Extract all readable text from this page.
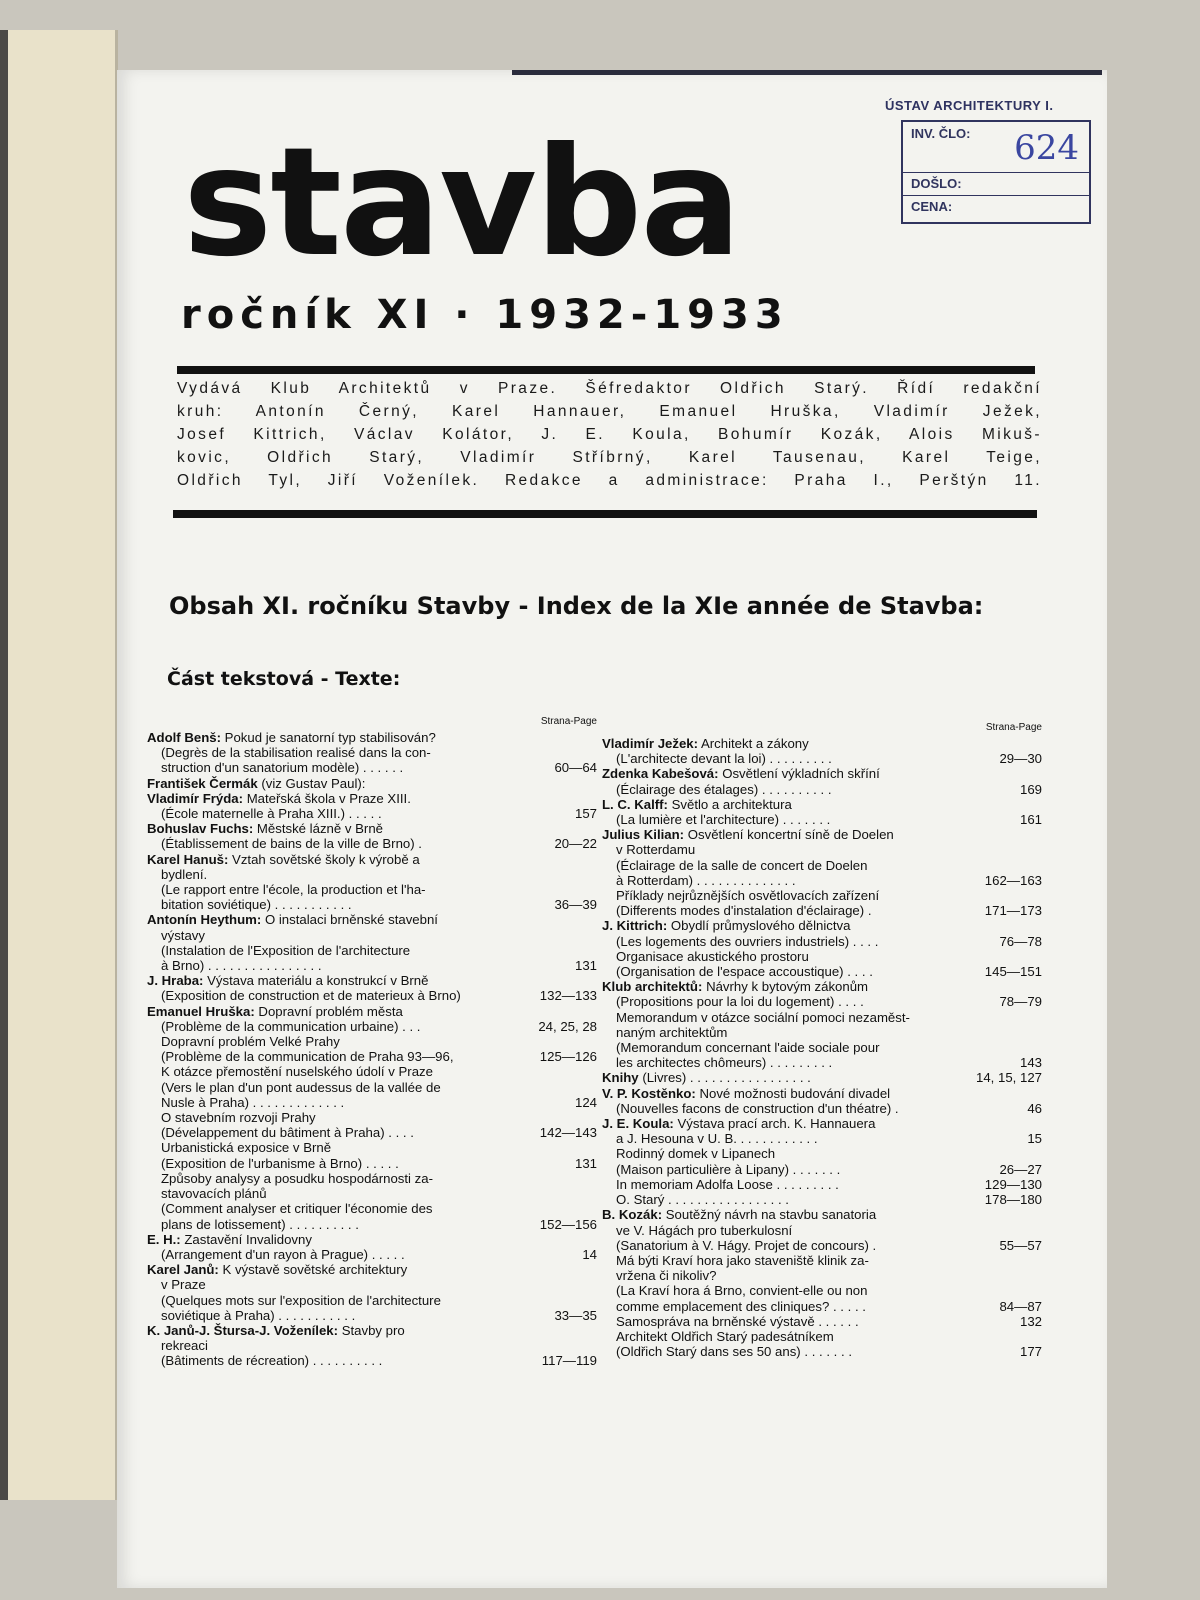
ÚSTAV ARCHITEKTURY I.
INV. ČLO: 624
DOŠLO:
CENA:
stavba
ročník XI · 1932-1933
Vydává Klub Architektů v Praze. Šéfredaktor Oldřich Starý. Řídí redakční
kruh: Antonín Černý, Karel Hannauer, Emanuel Hruška, Vladimír Ježek,
Josef Kittrich, Václav Kolátor, J. E. Koula, Bohumír Kozák, Alois Mikuš-
kovic, Oldřich Starý, Vladimír Stříbrný, Karel Tausenau, Karel Teige,
Oldřich Tyl, Jiří Voženílek. Redakce a administrace: Praha I., Perštýn 11.
Obsah XI. ročníku Stavby - Index de la XIe année de Stavba:
Část tekstová - Texte:
Strana-Page
Adolf Benš: Pokud je sanatorní typ stabilisován?
(Degrès de la stabilisation realisé dans la con-
struction d'un sanatorium modèle) . . . . . .	60—64
František Čermák (viz Gustav Paul):
Vladimír Frýda: Mateřská škola v Praze XIII.
(École maternelle à Praha XIII.) . . . . .	157
Bohuslav Fuchs: Městské lázně v Brně
(Établissement de bains de la ville de Brno) .	20—22
Karel Hanuš: Vztah sovětské školy k výrobě a
bydlení.
(Le rapport entre l'école, la production et l'ha-
bitation soviétique) . . . . . . . . . . .	36—39
Antonín Heythum: O instalaci brněnské stavební
výstavy
(Instalation de l'Exposition de l'architecture
à Brno) . . . . . . . . . . . . . . . .	131
J. Hraba: Výstava materiálu a konstrukcí v Brně
(Exposition de construction et de materieux à Brno)	132—133
Emanuel Hruška: Dopravní problém města
(Problème de la communication urbaine) . . .	24, 25, 28
Dopravní problém Velké Prahy
(Problème de la communication de Praha 93—96,	125—126
K otázce přemostění nuselského údolí v Praze
(Vers le plan d'un pont audessus de la vallée de
Nusle à Praha) . . . . . . . . . . . . .	124
O stavebním rozvoji Prahy
(Dévelappement du bâtiment à Praha) . . . .	142—143
Urbanistická exposice v Brně
(Exposition de l'urbanisme à Brno) . . . . .	131
Způsoby analysy a posudku hospodárnosti za-
stavovacích plánů
(Comment analyser et critiquer l'économie des
plans de lotissement) . . . . . . . . . .	152—156
E. H.: Zastavění Invalidovny
(Arrangement d'un rayon à Prague) . . . . .	14
Karel Janů: K výstavě sovětské architektury
v Praze
(Quelques mots sur l'exposition de l'architecture
soviétique à Praha) . . . . . . . . . . .	33—35
K. Janů-J. Štursa-J. Voženílek: Stavby pro
rekreaci
(Bâtiments de récreation) . . . . . . . . . .	117—119
Strana-Page
Vladimír Ježek: Architekt a zákony
(L'architecte devant la loi) . . . . . . . . .	29—30
Zdenka Kabešová: Osvětlení výkladních skříní
(Éclairage des étalages) . . . . . . . . . .	169
L. C. Kalff: Světlo a architektura
(La lumière et l'architecture) . . . . . . .	161
Julius Kilian: Osvětlení koncertní síně de Doelen
v Rotterdamu
(Éclairage de la salle de concert de Doelen
à Rotterdam) . . . . . . . . . . . . . .	162—163
Příklady nejrůznějších osvětlovacích zařízení
(Differents modes d'instalation d'éclairage) .	171—173
J. Kittrich: Obydlí průmyslového dělnictva
(Les logements des ouvriers industriels) . . . .	76—78
Organisace akustického prostoru
(Organisation de l'espace accoustique) . . . .	145—151
Klub architektů: Návrhy k bytovým zákonům
(Propositions pour la loi du logement) . . . .	78—79
Memorandum v otázce sociální pomoci nezaměst-
naným architektům
(Memorandum concernant l'aide sociale pour
les architectes chômeurs) . . . . . . . . .	143
Knihy (Livres) . . . . . . . . . . . . . . . . .	14, 15, 127
V. P. Kostěnko: Nové možnosti budování divadel
(Nouvelles facons de construction d'un théatre) .	46
J. E. Koula: Výstava prací arch. K. Hannauera
a J. Hesouna v U. B. . . . . . . . . . . .	15
Rodinný domek v Lipanech
(Maison particulière à Lipany) . . . . . . .	26—27
In memoriam Adolfa Loose . . . . . . . . .	129—130
O. Starý . . . . . . . . . . . . . . . . .	178—180
B. Kozák: Soutěžný návrh na stavbu sanatoria
ve V. Hágách pro tuberkulosní
(Sanatorium à V. Hágy. Projet de concours) .	55—57
Má býti Kraví hora jako staveniště klinik za-
vržena či nikoliv?
(La Kraví hora á Brno, convient-elle ou non
comme emplacement des cliniques? . . . . .	84—87
Samospráva na brněnské výstavě . . . . . .	132
Architekt Oldřich Starý padesátníkem
(Oldřich Starý dans ses 50 ans) . . . . . . .	177
